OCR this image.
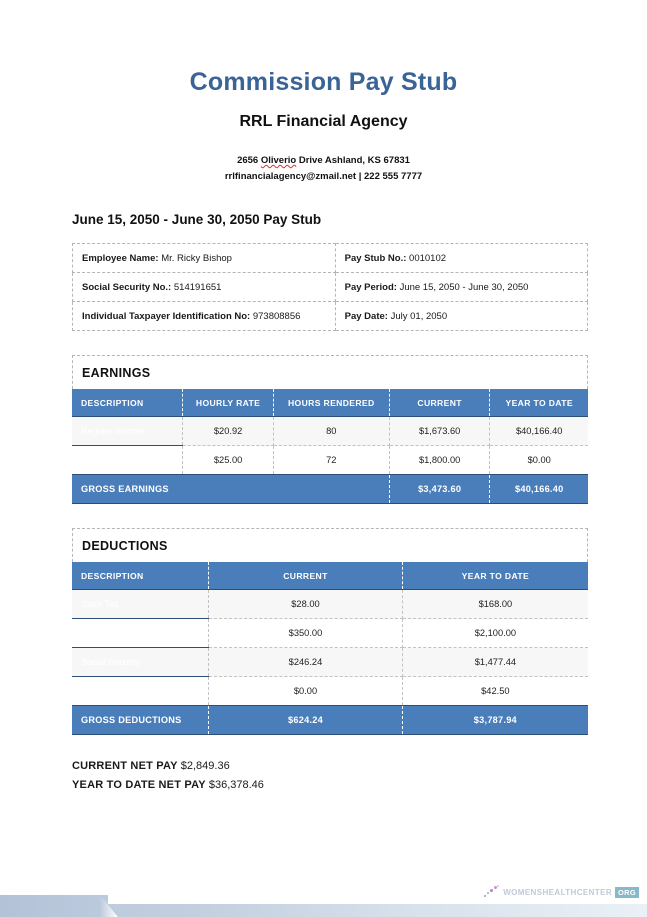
Commission Pay Stub
RRL Financial Agency
2656 Oliverio Drive Ashland, KS 67831
rrlfinancialagency@zmail.net | 222 555 7777
June 15, 2050 - June 30, 2050 Pay Stub
Employee Name: Mr. Ricky Bishop	Pay Stub No.: 0010102
Social Security No.: 514191651	Pay Period: June 15, 2050 - June 30, 2050
Individual Taxpayer Identification No: 973808856	Pay Date: July 01, 2050
EARNINGS
DESCRIPTION	HOURLY RATE	HOURS RENDERED	CURRENT	YEAR TO DATE
Regular Income	$20.92	80	$1,673.60	$40,166.40
Mid-Year Bonus	$25.00	72	$1,800.00	$0.00
GROSS EARNINGS			$3,473.60	$40,166.40
DEDUCTIONS
DESCRIPTION	CURRENT	YEAR TO DATE
State Tax	$28.00	$168.00
Medical Insurance	$350.00	$2,100.00
Social Security	$246.24	$1,477.44
Lates, Absences	$0.00	$42.50
GROSS DEDUCTIONS	$624.24	$3,787.94
CURRENT NET PAY $2,849.36
YEAR TO DATE NET PAY $36,378.46
WOMENSHEALTHCENTER ORG
